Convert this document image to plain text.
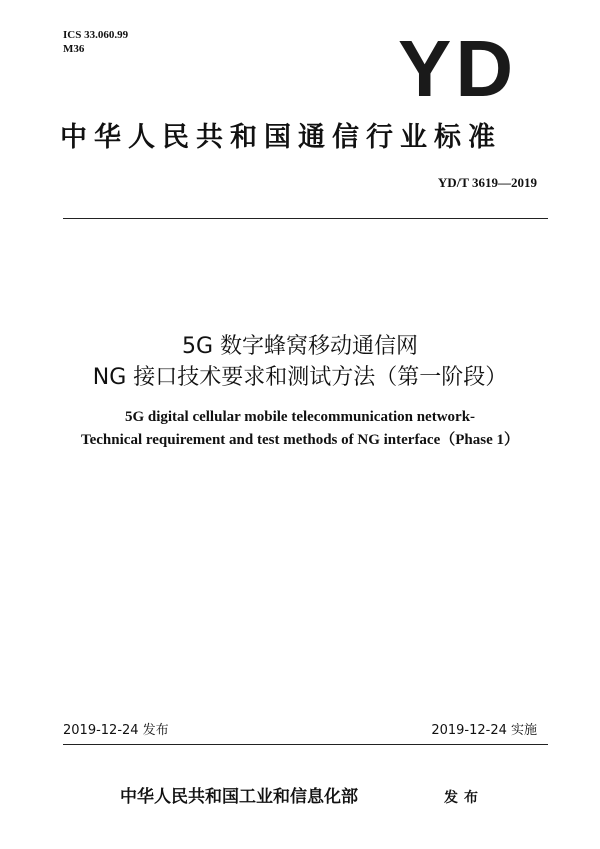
ICS 33.060.99
M36	YD
中华人民共和国通信行业标准
YD/T 3619—2019
5G 数字蜂窝移动通信网
NG 接口技术要求和测试方法（第一阶段）
5G digital cellular mobile telecommunication network-
Technical requirement and test methods of NG interface（Phase 1）
2019-12-24 发布	2019-12-24 实施
中华人民共和国工业和信息化部	发布
